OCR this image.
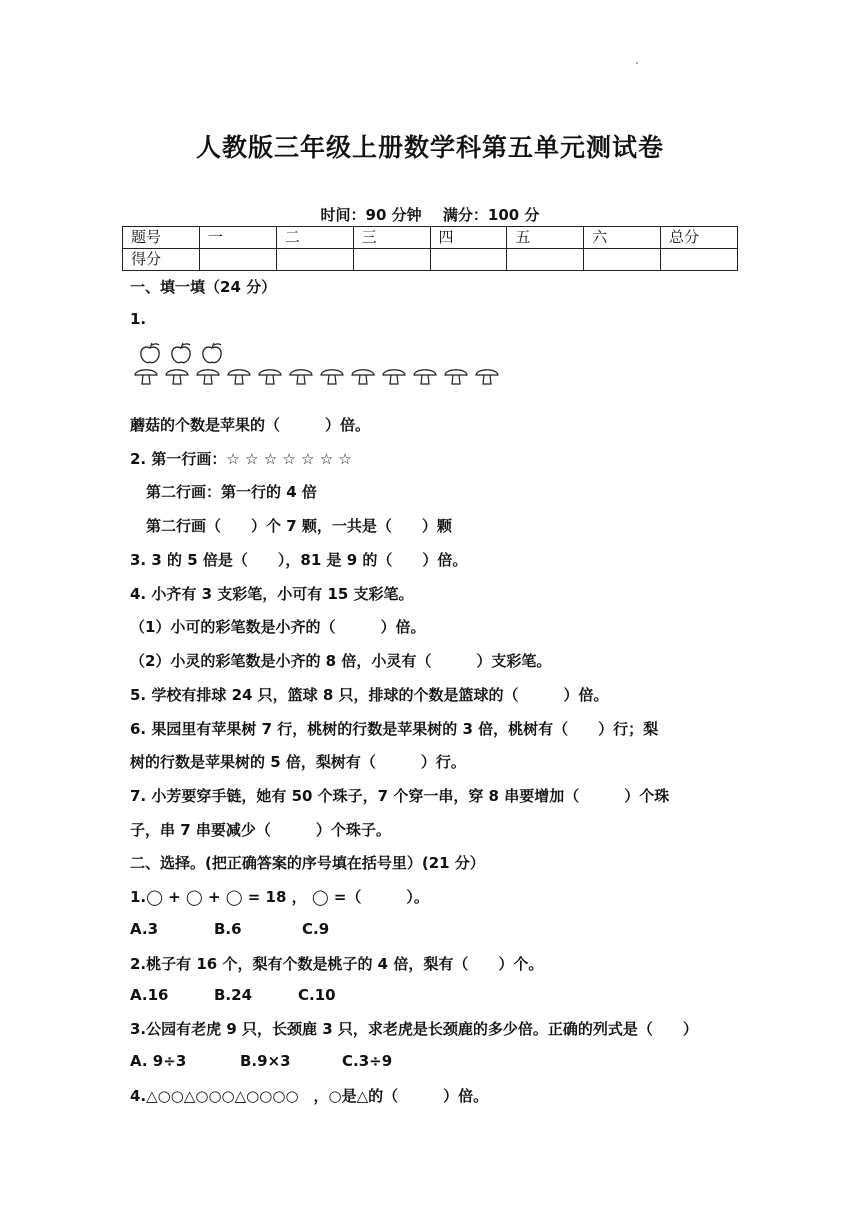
人教版三年级上册数学科第五单元测试卷
时间：90 分钟 满分：100 分
题号	一	二	三	四	五	六	总分
得分							
一、填一填（24 分）
1.
蘑菇的个数是苹果的（　　　）倍。
2. 第一行画：☆ ☆ ☆ ☆ ☆ ☆ ☆
第二行画：第一行的 4 倍
第二行画（　　）个 7 颗，一共是（　　）颗
3. 3 的 5 倍是（　　），81 是 9 的（　　）倍。
4. 小齐有 3 支彩笔，小可有 15 支彩笔。
（1）小可的彩笔数是小齐的（　　　）倍。
（2）小灵的彩笔数是小齐的 8 倍，小灵有（　　　）支彩笔。
5. 学校有排球 24 只，篮球 8 只，排球的个数是篮球的（　　　）倍。
6. 果园里有苹果树 7 行，桃树的行数是苹果树的 3 倍，桃树有（　　）行；梨
树的行数是苹果树的 5 倍，梨树有（　　　）行。
7. 小芳要穿手链，她有 50 个珠子，7 个穿一串，穿 8 串要增加（　　　）个珠
子，串 7 串要减少（　　　）个珠子。
二、选择。(把正确答案的序号填在括号里）(21 分）
1.◯ + ◯ + ◯ = 18 ， ◯ =（　　　）。
A.3	B.6	C.9
2.桃子有 16 个，梨有个数是桃子的 4 倍，梨有（　　）个。
A.16	B.24	C.10
3.公园有老虎 9 只，长颈鹿 3 只，求老虎是长颈鹿的多少倍。正确的列式是（　　）
A. 9÷3	B.9×3	C.3÷9
4.△○○△○○○△○○○○　，○是△的（　　　）倍。
